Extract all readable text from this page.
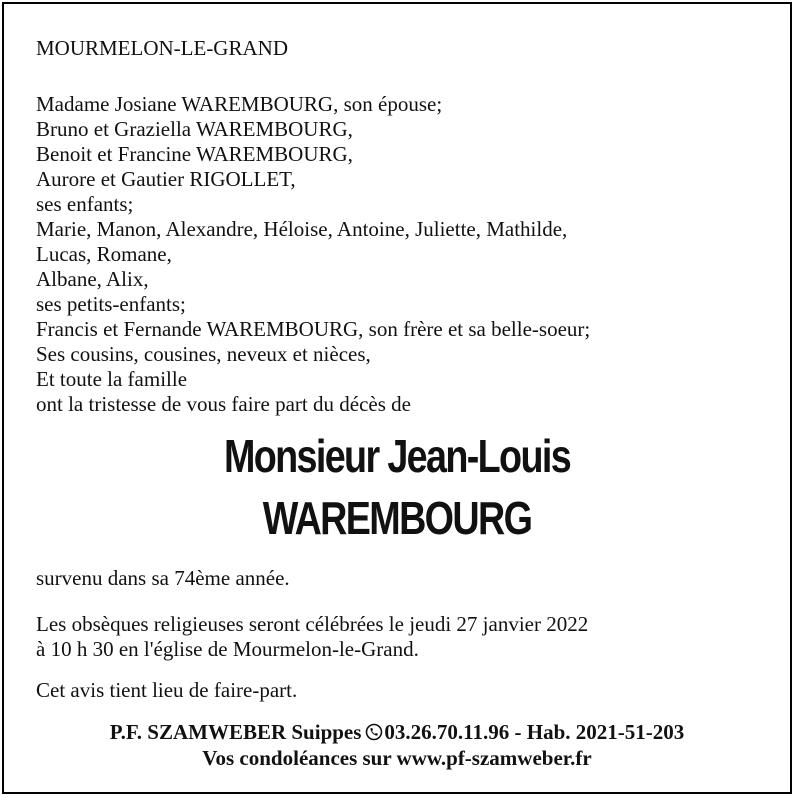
MOURMELON-LE-GRAND
Madame Josiane WAREMBOURG, son épouse;
Bruno et Graziella WAREMBOURG,
Benoit et Francine WAREMBOURG,
Aurore et Gautier RIGOLLET,
ses enfants;
Marie, Manon, Alexandre, Héloise, Antoine, Juliette, Mathilde,
Lucas, Romane,
Albane, Alix,
ses petits-enfants;
Francis et Fernande WAREMBOURG, son frère et sa belle-soeur;
Ses cousins, cousines, neveux et nièces,
Et toute la famille
ont la tristesse de vous faire part du décès de
Monsieur Jean-Louis
WAREMBOURG
survenu dans sa 74ème année.
Les obsèques religieuses seront célébrées le jeudi 27 janvier 2022
à 10 h 30 en l'église de Mourmelon-le-Grand.
Cet avis tient lieu de faire-part.
P.F. SZAMWEBER Suippes 03.26.70.11.96 - Hab. 2021-51-203
Vos condoléances sur www.pf-szamweber.fr
